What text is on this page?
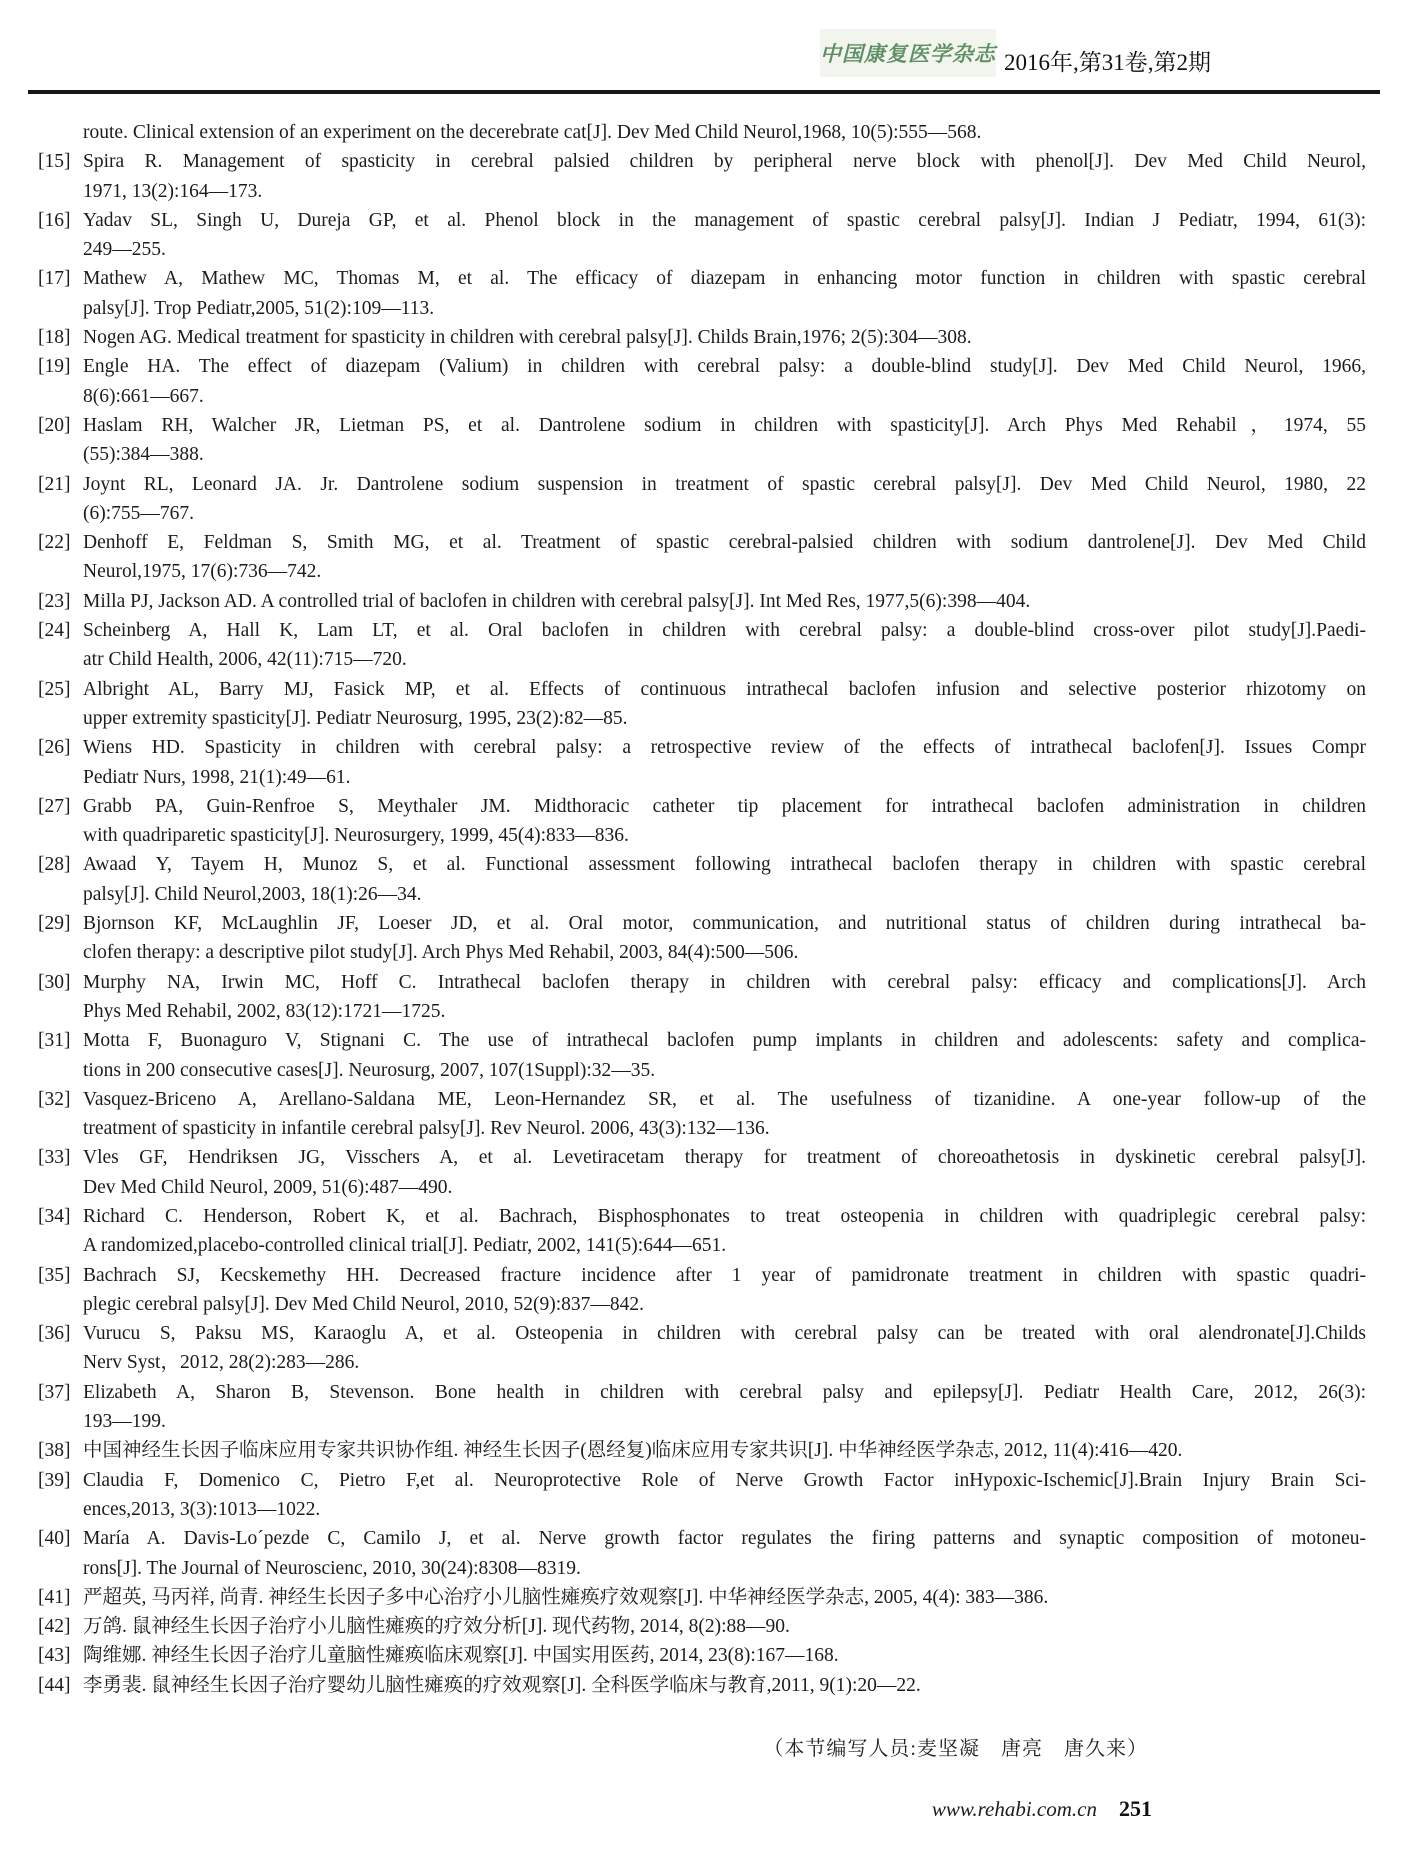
中国康复医学杂志 2016年,第31卷,第2期
route. Clinical extension of an experiment on the decerebrate cat[J]. Dev Med Child Neurol,1968, 10(5):555—568.
[15] Spira R. Management of spasticity in cerebral palsied children by peripheral nerve block with phenol[J]. Dev Med Child Neurol,
1971, 13(2):164—173.
[16] Yadav SL, Singh U, Dureja GP, et al. Phenol block in the management of spastic cerebral palsy[J]. Indian J Pediatr, 1994, 61(3):
249—255.
[17] Mathew A, Mathew MC, Thomas M, et al. The efficacy of diazepam in enhancing motor function in children with spastic cerebral
palsy[J]. Trop Pediatr,2005, 51(2):109—113.
[18] Nogen AG. Medical treatment for spasticity in children with cerebral palsy[J]. Childs Brain,1976; 2(5):304—308.
[19] Engle HA. The effect of diazepam (Valium) in children with cerebral palsy: a double-blind study[J]. Dev Med Child Neurol, 1966,
8(6):661—667.
[20] Haslam RH, Walcher JR, Lietman PS, et al. Dantrolene sodium in children with spasticity[J]. Arch Phys Med Rehabil，1974, 55
(55):384—388.
[21] Joynt RL, Leonard JA. Jr. Dantrolene sodium suspension in treatment of spastic cerebral palsy[J]. Dev Med Child Neurol, 1980, 22
(6):755—767.
[22] Denhoff E, Feldman S, Smith MG, et al. Treatment of spastic cerebral-palsied children with sodium dantrolene[J]. Dev Med Child
Neurol,1975, 17(6):736—742.
[23] Milla PJ, Jackson AD. A controlled trial of baclofen in children with cerebral palsy[J]. Int Med Res, 1977,5(6):398—404.
[24] Scheinberg A, Hall K, Lam LT, et al. Oral baclofen in children with cerebral palsy: a double-blind cross-over pilot study[J].Paedi-
atr Child Health, 2006, 42(11):715—720.
[25] Albright AL, Barry MJ, Fasick MP, et al. Effects of continuous intrathecal baclofen infusion and selective posterior rhizotomy on
upper extremity spasticity[J]. Pediatr Neurosurg, 1995, 23(2):82—85.
[26] Wiens HD. Spasticity in children with cerebral palsy: a retrospective review of the effects of intrathecal baclofen[J]. Issues Compr
Pediatr Nurs, 1998, 21(1):49—61.
[27] Grabb PA, Guin-Renfroe S, Meythaler JM. Midthoracic catheter tip placement for intrathecal baclofen administration in children
with quadriparetic spasticity[J]. Neurosurgery, 1999, 45(4):833—836.
[28] Awaad Y, Tayem H, Munoz S, et al. Functional assessment following intrathecal baclofen therapy in children with spastic cerebral
palsy[J]. Child Neurol,2003, 18(1):26—34.
[29] Bjornson KF, McLaughlin JF, Loeser JD, et al. Oral motor, communication, and nutritional status of children during intrathecal ba-
clofen therapy: a descriptive pilot study[J]. Arch Phys Med Rehabil, 2003, 84(4):500—506.
[30] Murphy NA, Irwin MC, Hoff C. Intrathecal baclofen therapy in children with cerebral palsy: efficacy and complications[J]. Arch
Phys Med Rehabil, 2002, 83(12):1721—1725.
[31] Motta F, Buonaguro V, Stignani C. The use of intrathecal baclofen pump implants in children and adolescents: safety and complica-
tions in 200 consecutive cases[J]. Neurosurg, 2007, 107(1Suppl):32—35.
[32] Vasquez-Briceno A, Arellano-Saldana ME, Leon-Hernandez SR, et al. The usefulness of tizanidine. A one-year follow-up of the
treatment of spasticity in infantile cerebral palsy[J]. Rev Neurol. 2006, 43(3):132—136.
[33] Vles GF, Hendriksen JG, Visschers A, et al. Levetiracetam therapy for treatment of choreoathetosis in dyskinetic cerebral palsy[J].
Dev Med Child Neurol, 2009, 51(6):487—490.
[34] Richard C. Henderson, Robert K, et al. Bachrach, Bisphosphonates to treat osteopenia in children with quadriplegic cerebral palsy:
A randomized,placebo-controlled clinical trial[J]. Pediatr, 2002, 141(5):644—651.
[35] Bachrach SJ, Kecskemethy HH. Decreased fracture incidence after 1 year of pamidronate treatment in children with spastic quadri-
plegic cerebral palsy[J]. Dev Med Child Neurol, 2010, 52(9):837—842.
[36] Vurucu S, Paksu MS, Karaoglu A, et al. Osteopenia in children with cerebral palsy can be treated with oral alendronate[J].Childs
Nerv Syst，2012, 28(2):283—286.
[37] Elizabeth A, Sharon B, Stevenson. Bone health in children with cerebral palsy and epilepsy[J]. Pediatr Health Care, 2012, 26(3):
193—199.
[38] 中国神经生长因子临床应用专家共识协作组. 神经生长因子(恩经复)临床应用专家共识[J]. 中华神经医学杂志, 2012, 11(4):416—420.
[39] Claudia F, Domenico C, Pietro F,et al. Neuroprotective Role of Nerve Growth Factor inHypoxic-Ischemic[J].Brain Injury Brain Sci-
ences,2013, 3(3):1013—1022.
[40] María A. Davis-Lo´pezde C, Camilo J, et al. Nerve growth factor regulates the firing patterns and synaptic composition of motoneu-
rons[J]. The Journal of Neuroscienc, 2010, 30(24):8308—8319.
[41] 严超英, 马丙祥, 尚青. 神经生长因子多中心治疗小儿脑性瘫痪疗效观察[J]. 中华神经医学杂志, 2005, 4(4): 383—386.
[42] 万鸽. 鼠神经生长因子治疗小儿脑性瘫痪的疗效分析[J]. 现代药物, 2014, 8(2):88—90.
[43] 陶维娜. 神经生长因子治疗儿童脑性瘫痪临床观察[J]. 中国实用医药, 2014, 23(8):167—168.
[44] 李勇裴. 鼠神经生长因子治疗婴幼儿脑性瘫痪的疗效观察[J]. 全科医学临床与教育,2011, 9(1):20—22.
（本节编写人员:麦坚凝　唐亮　唐久来）
www.rehabi.com.cn 251
